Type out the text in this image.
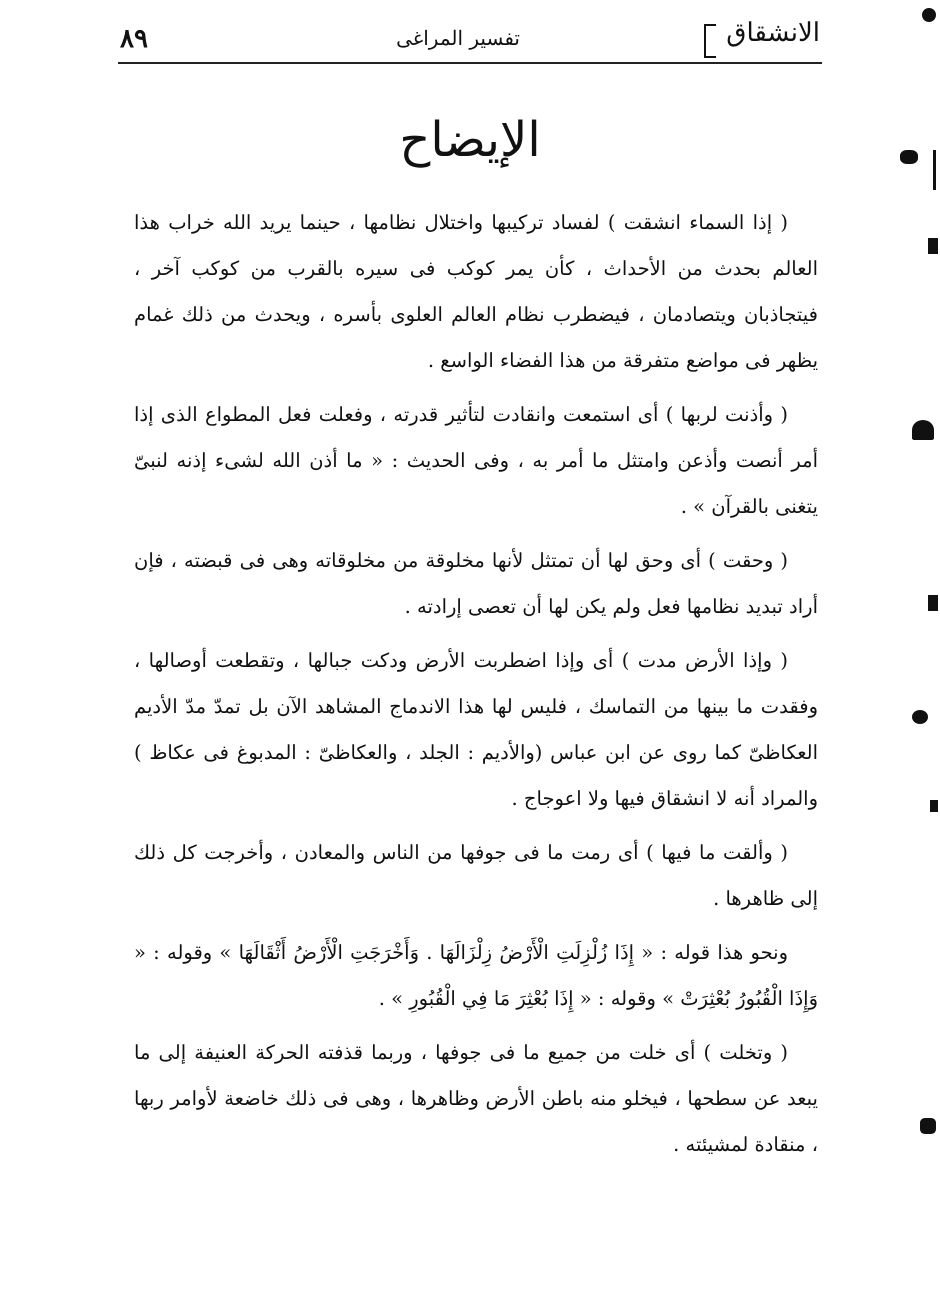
الانشقاق
تفسير المراغى
٨٩
الإيضاح

( إذا السماء انشقت ) لفساد تركيبها واختلال نظامها ، حينما يريد الله خراب هذا العالم بحدث من الأحداث ، كأن يمر كوكب فى سيره بالقرب من كوكب آخر ، فيتجاذبان ويتصادمان ، فيضطرب نظام العالم العلوى بأسره ، ويحدث من ذلك غمام يظهر فى مواضع متفرقة من هذا الفضاء الواسع .

( وأذنت لربها ) أى استمعت وانقادت لتأثير قدرته ، وفعلت فعل المطواع الذى إذا أمر أنصت وأذعن وامتثل ما أمر به ، وفى الحديث : « ما أذن الله لشىء إذنه لنبىّ يتغنى بالقرآن » .

( وحقت ) أى وحق لها أن تمتثل لأنها مخلوقة من مخلوقاته وهى فى قبضته ، فإن أراد تبديد نظامها فعل ولم يكن لها أن تعصى إرادته .

( وإذا الأرض مدت ) أى وإذا اضطربت الأرض ودكت جبالها ، وتقطعت أوصالها ، وفقدت ما بينها من التماسك ، فليس لها هذا الاندماج المشاهد الآن بل تمدّ مدّ الأديم العكاظىّ كما روى عن ابن عباس (والأديم : الجلد ، والعكاظىّ : المدبوغ فى عكاظ ) والمراد أنه لا انشقاق فيها ولا اعوجاج .

( وألقت ما فيها ) أى رمت ما فى جوفها من الناس والمعادن ، وأخرجت كل ذلك إلى ظاهرها .

ونحو هذا قوله : « إِذَا زُلْزِلَتِ الْأَرْضُ زِلْزَالَهَا . وَأَخْرَجَتِ الْأَرْضُ أَثْقَالَهَا » وقوله : « وَإِذَا الْقُبُورُ بُعْثِرَتْ » وقوله : « إِذَا بُعْثِرَ مَا فِي الْقُبُورِ » .

( وتخلت ) أى خلت من جميع ما فى جوفها ، وربما قذفته الحركة العنيفة إلى ما يبعد عن سطحها ، فيخلو منه باطن الأرض وظاهرها ، وهى فى ذلك خاضعة لأوامر ربها ، منقادة لمشيئته .
